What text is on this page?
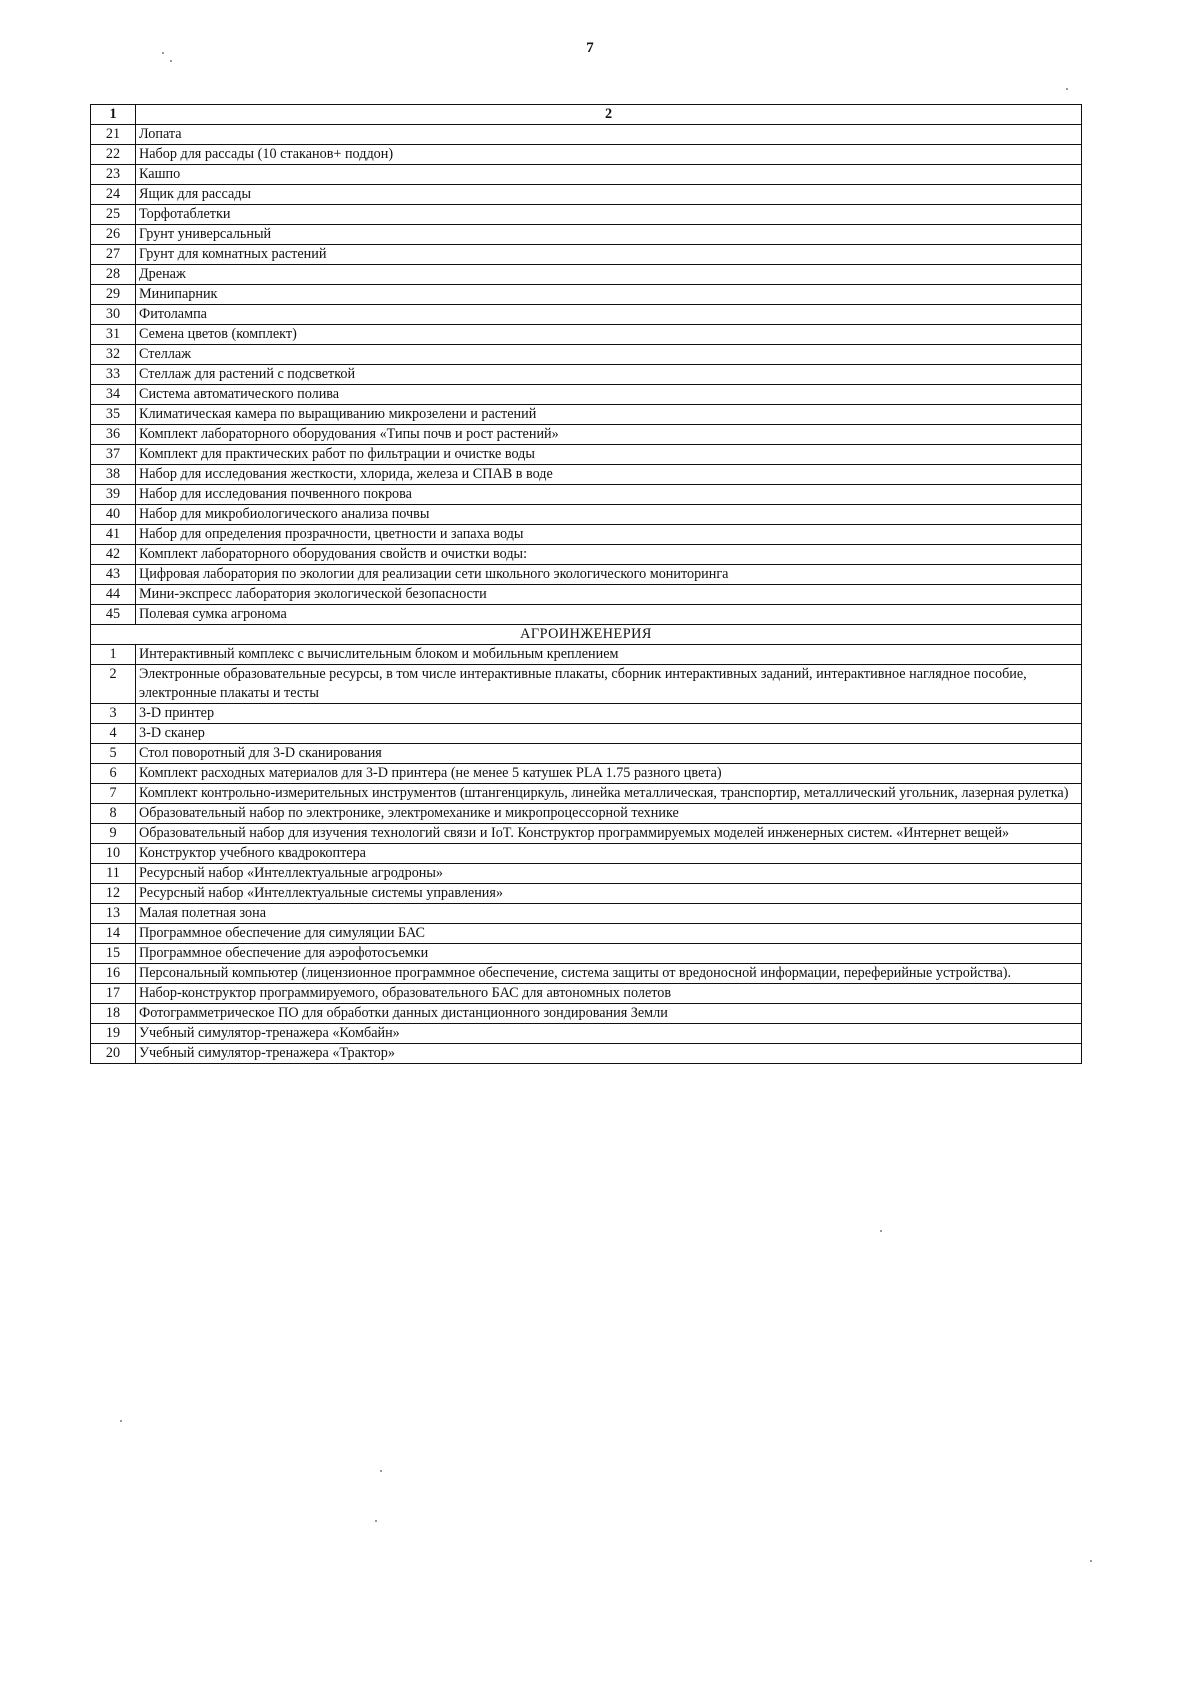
7
1	2
21	Лопата
22	Набор для рассады (10 стаканов+ поддон)
23	Кашпо
24	Ящик для рассады
25	Торфотаблетки
26	Грунт универсальный
27	Грунт для комнатных растений
28	Дренаж
29	Минипарник
30	Фитолампа
31	Семена цветов (комплект)
32	Стеллаж
33	Стеллаж для растений с подсветкой
34	Система автоматического полива
35	Климатическая камера по выращиванию микрозелени и растений
36	Комплект лабораторного оборудования «Типы почв и рост растений»
37	Комплект для практических работ по фильтрации и очистке воды
38	Набор для исследования жесткости, хлорида, железа и СПАВ в воде
39	Набор для исследования почвенного покрова
40	Набор для микробиологического анализа почвы
41	Набор для определения прозрачности, цветности и запаха воды
42	Комплект лабораторного оборудования свойств и очистки воды:
43	Цифровая лаборатория по экологии для реализации сети школьного экологического мониторинга
44	Мини-экспресс лаборатория экологической безопасности
45	Полевая сумка агронома
АГРОИНЖЕНЕРИЯ	
1	Интерактивный комплекс с вычислительным блоком и мобильным креплением
2	Электронные образовательные ресурсы, в том числе интерактивные плакаты, сборник интерактивных заданий, интерактивное наглядное пособие, электронные плакаты и тесты
3	3-D принтер
4	3-D сканер
5	Стол поворотный для 3-D сканирования
6	Комплект расходных материалов для 3-D принтера (не менее 5 катушек PLA 1.75 разного цвета)
7	Комплект контрольно-измерительных инструментов (штангенциркуль, линейка металлическая, транспортир, металлический угольник, лазерная рулетка)
8	Образовательный набор по электронике, электромеханике и микропроцессорной технике
9	Образовательный набор для изучения технологий связи и IoT. Конструктор программируемых моделей инженерных систем. «Интернет вещей»
10	Конструктор учебного квадрокоптера
11	Ресурсный набор «Интеллектуальные агродроны»
12	Ресурсный набор «Интеллектуальные системы управления»
13	Малая полетная зона
14	Программное обеспечение для симуляции БАС
15	Программное обеспечение для аэрофотосъемки
16	Персональный компьютер (лицензионное программное обеспечение, система защиты от вредоносной информации, переферийные устройства).
17	Набор-конструктор программируемого, образовательного БАС для автономных полетов
18	Фотограмметрическое ПО для обработки данных дистанционного зондирования Земли
19	Учебный симулятор-тренажера «Комбайн»
20	Учебный симулятор-тренажера «Трактор»
